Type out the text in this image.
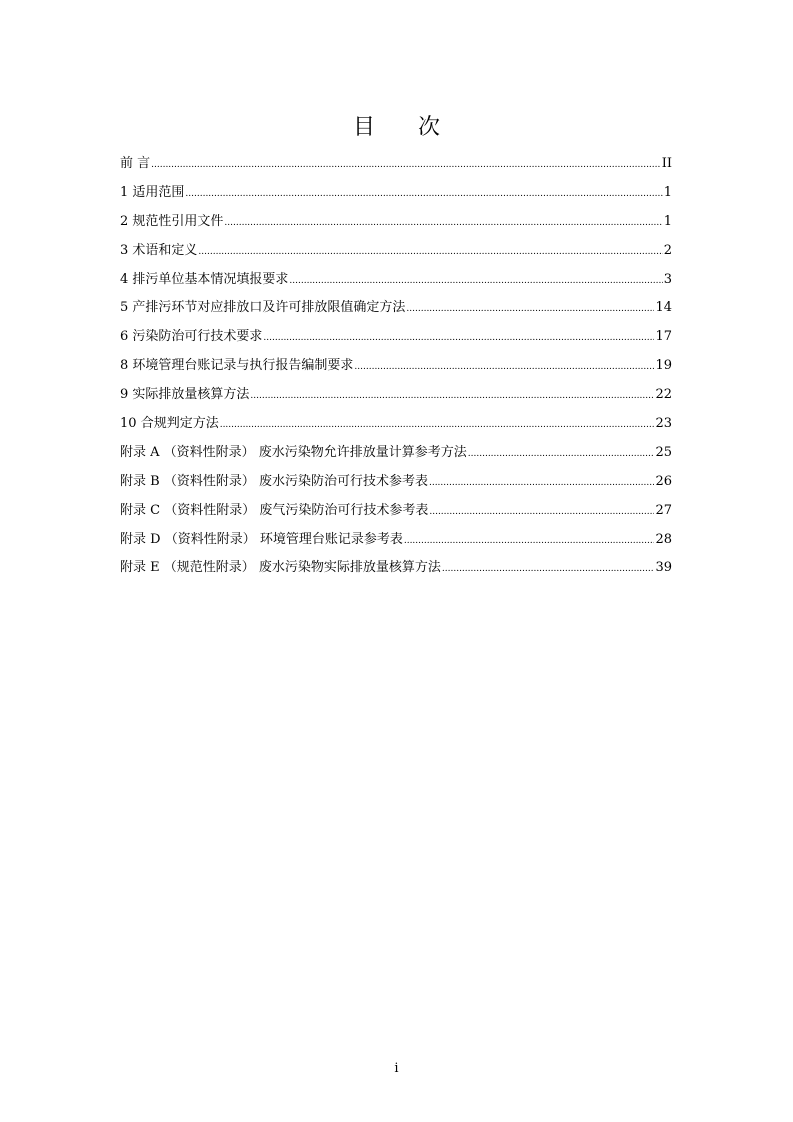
目 次
前 言 .....	II
1 适用范围 .....	1
2 规范性引用文件 .....	1
3 术语和定义 .....	2
4 排污单位基本情况填报要求 .....	3
5 产排污环节对应排放口及许可排放限值确定方法 .....	14
6 污染防治可行技术要求 .....	17
8 环境管理台账记录与执行报告编制要求 .....	19
9 实际排放量核算方法 .....	22
10 合规判定方法 .....	23
附录 A （资料性附录） 废水污染物允许排放量计算参考方法 .....	25
附录 B （资料性附录） 废水污染防治可行技术参考表 .....	26
附录 C （资料性附录） 废气污染防治可行技术参考表 .....	27
附录 D （资料性附录） 环境管理台账记录参考表 .....	28
附录 E （规范性附录） 废水污染物实际排放量核算方法 .....	39
i
